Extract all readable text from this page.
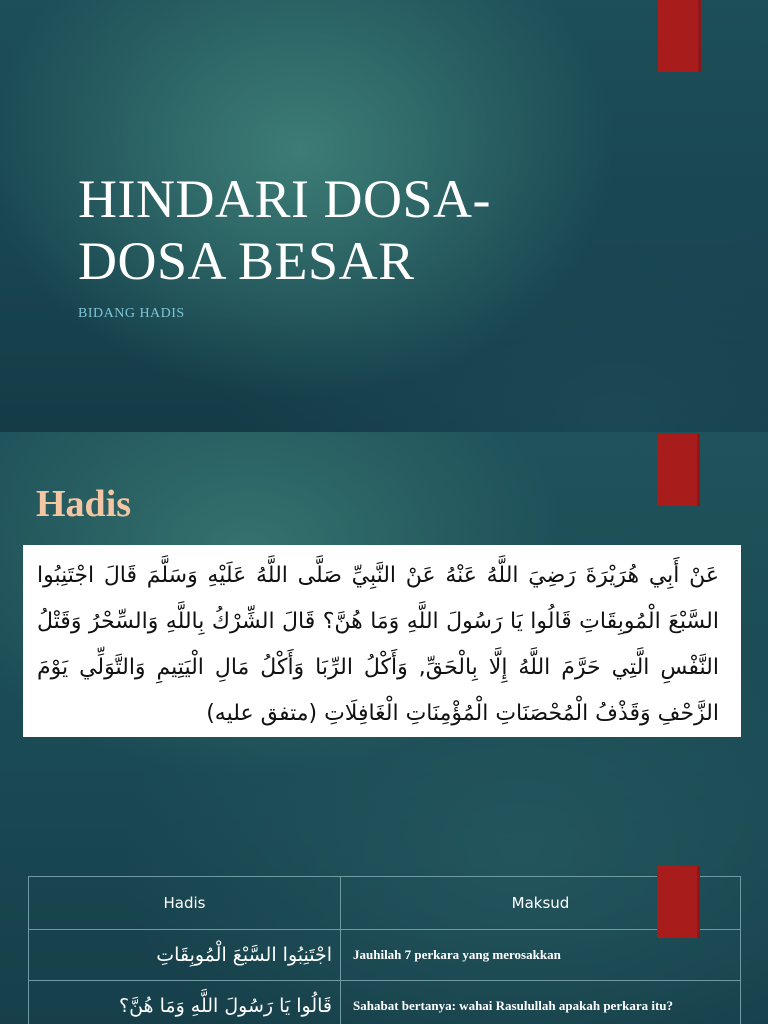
HINDARI DOSA-
DOSA BESAR

BIDANG HADIS

Hadis
عَنْ أَبِي هُرَيْرَةَ رَضِيَ اللَّهُ عَنْهُ عَنْ النَّبِيِّ صَلَّى اللَّهُ عَلَيْهِ وَسَلَّمَ قَالَ اجْتَنِبُوا السَّبْعَ الْمُوبِقَاتِ قَالُوا يَا رَسُولَ اللَّهِ وَمَا هُنَّ؟ قَالَ الشِّرْكُ بِاللَّهِ وَالسِّحْرُ وَقَتْلُ النَّفْسِ الَّتِي حَرَّمَ اللَّهُ إِلَّا بِالْحَقِّ, وَأَكْلُ الرِّبَا وَأَكْلُ مَالِ الْيَتِيمِ وَالتَّوَلِّي يَوْمَ الزَّحْفِ وَقَذْفُ الْمُحْصَنَاتِ الْمُؤْمِنَاتِ الْغَافِلَاتِ (متفق عليه)
Hadis	Maksud
اجْتَنِبُوا السَّبْعَ الْمُوبِقَاتِ	Jauhilah 7 perkara yang merosakkan
قَالُوا يَا رَسُولَ اللَّهِ وَمَا هُنَّ؟	Sahabat bertanya: wahai Rasulullah apakah perkara itu?
